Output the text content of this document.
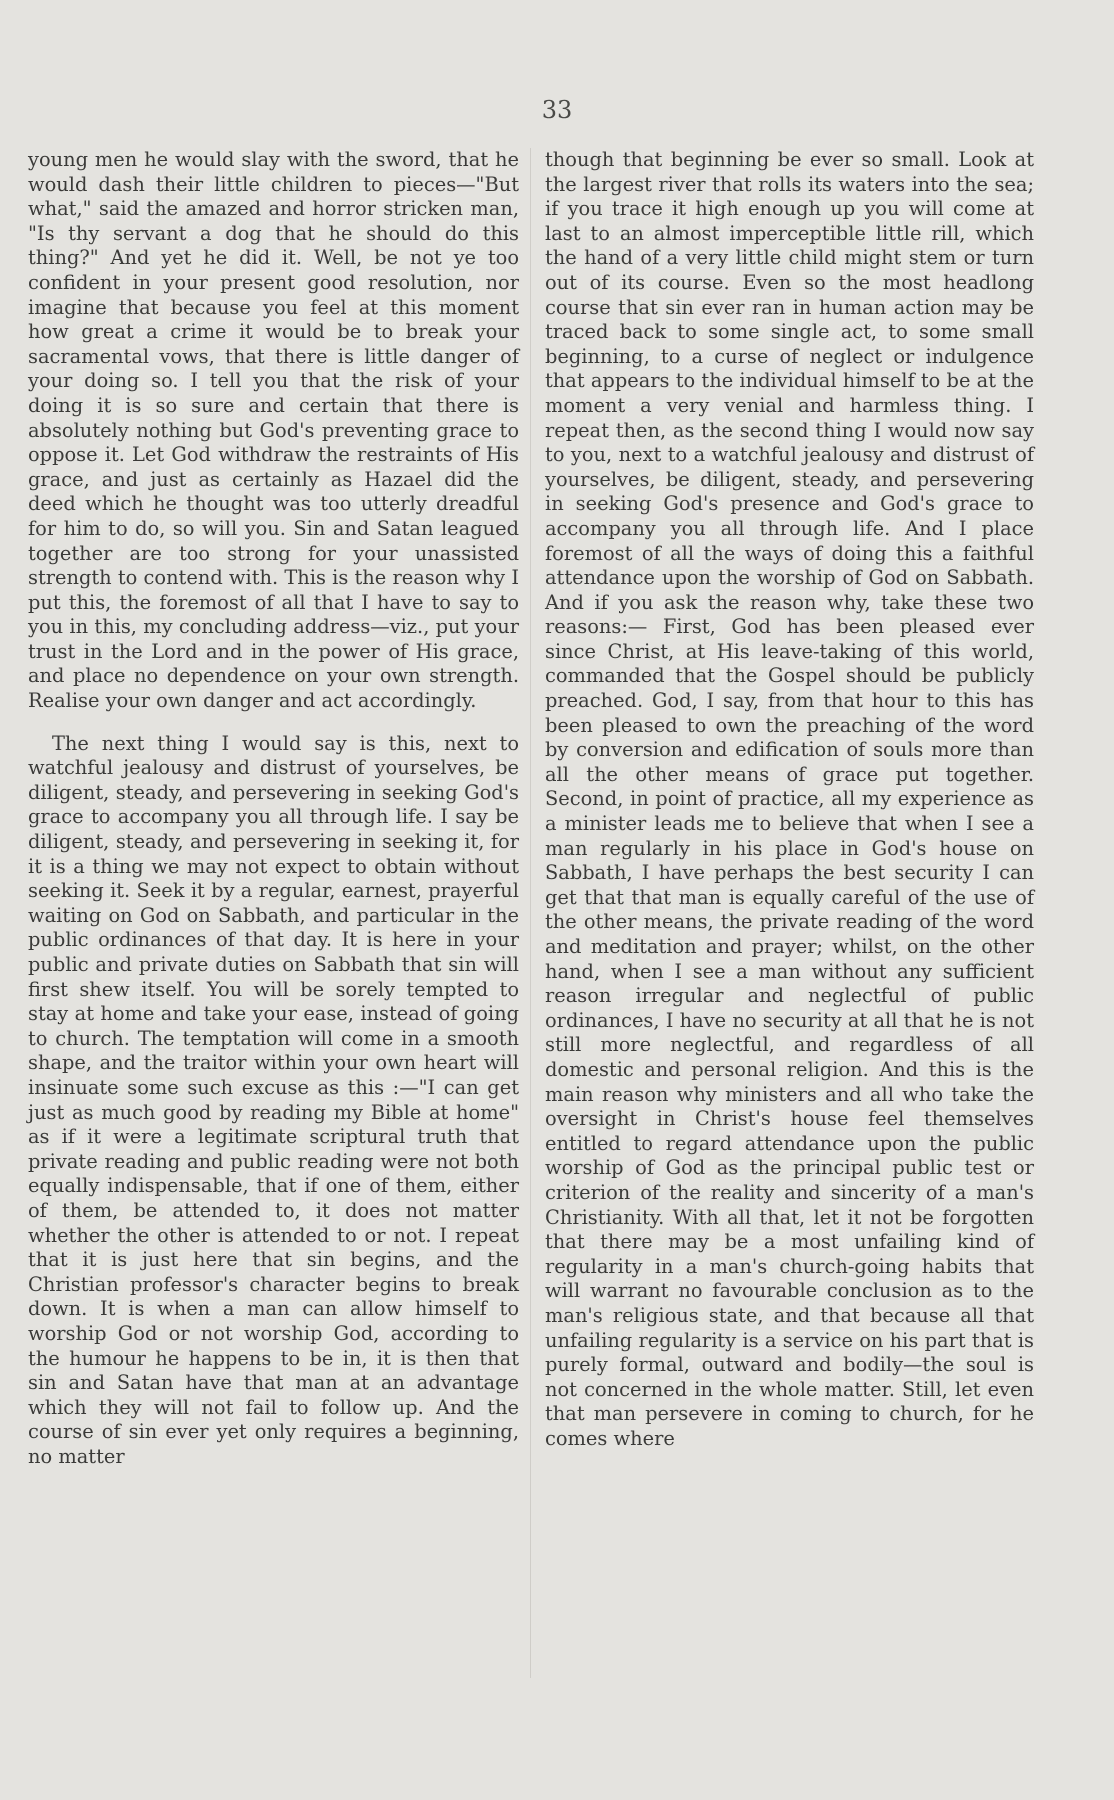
33

young men he would slay with the sword, that he would dash their little children to pieces—"But what," said the amazed and horror stricken man, "Is thy servant a dog that he should do this thing?" And yet he did it. Well, be not ye too confident in your present good resolution, nor imagine that because you feel at this moment how great a crime it would be to break your sacramental vows, that there is little danger of your doing so. I tell you that the risk of your doing it is so sure and certain that there is absolutely nothing but God's preventing grace to oppose it. Let God withdraw the restraints of His grace, and just as certainly as Hazael did the deed which he thought was too utterly dreadful for him to do, so will you. Sin and Satan leagued together are too strong for your unassisted strength to contend with. This is the reason why I put this, the foremost of all that I have to say to you in this, my concluding address—viz., put your trust in the Lord and in the power of His grace, and place no dependence on your own strength. Realise your own danger and act accordingly.

The next thing I would say is this, next to watchful jealousy and distrust of yourselves, be diligent, steady, and persevering in seeking God's grace to accompany you all through life. I say be diligent, steady, and persevering in seeking it, for it is a thing we may not expect to obtain without seeking it. Seek it by a regular, earnest, prayerful waiting on God on Sabbath, and particular in the public ordinances of that day. It is here in your public and private duties on Sabbath that sin will first shew itself. You will be sorely tempted to stay at home and take your ease, instead of going to church. The temptation will come in a smooth shape, and the traitor within your own heart will insinuate some such excuse as this :—"I can get just as much good by reading my Bible at home" as if it were a legitimate scriptural truth that private reading and public reading were not both equally indispensable, that if one of them, either of them, be attended to, it does not matter whether the other is attended to or not. I repeat that it is just here that sin begins, and the Christian professor's character begins to break down. It is when a man can allow himself to worship God or not worship God, according to the humour he happens to be in, it is then that sin and Satan have that man at an advantage which they will not fail to follow up. And the course of sin ever yet only requires a beginning, no matter

though that beginning be ever so small. Look at the largest river that rolls its waters into the sea; if you trace it high enough up you will come at last to an almost imperceptible little rill, which the hand of a very little child might stem or turn out of its course. Even so the most headlong course that sin ever ran in human action may be traced back to some single act, to some small beginning, to a curse of neglect or indulgence that appears to the individual himself to be at the moment a very venial and harmless thing. I repeat then, as the second thing I would now say to you, next to a watchful jealousy and distrust of yourselves, be diligent, steady, and persevering in seeking God's presence and God's grace to accompany you all through life. And I place foremost of all the ways of doing this a faithful attendance upon the worship of God on Sabbath. And if you ask the reason why, take these two reasons:— First, God has been pleased ever since Christ, at His leave-taking of this world, commanded that the Gospel should be publicly preached. God, I say, from that hour to this has been pleased to own the preaching of the word by conversion and edification of souls more than all the other means of grace put together. Second, in point of practice, all my experience as a minister leads me to believe that when I see a man regularly in his place in God's house on Sabbath, I have perhaps the best security I can get that that man is equally careful of the use of the other means, the private reading of the word and meditation and prayer; whilst, on the other hand, when I see a man without any sufficient reason irregular and neglectful of public ordinances, I have no security at all that he is not still more neglectful, and regardless of all domestic and personal religion. And this is the main reason why ministers and all who take the oversight in Christ's house feel themselves entitled to regard attendance upon the public worship of God as the principal public test or criterion of the reality and sincerity of a man's Christianity. With all that, let it not be forgotten that there may be a most unfailing kind of regularity in a man's church-going habits that will warrant no favourable conclusion as to the man's religious state, and that because all that unfailing regularity is a service on his part that is purely formal, outward and bodily—the soul is not concerned in the whole matter. Still, let even that man persevere in coming to church, for he comes where
